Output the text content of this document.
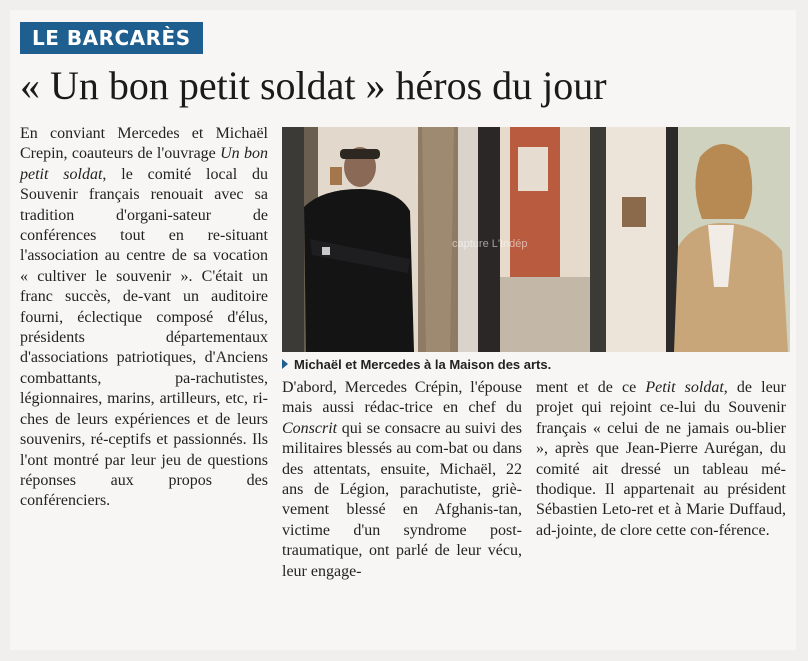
LE BARCARÈS
« Un bon petit soldat » héros du jour

En conviant Mercedes et Michaël Crepin, coauteurs de l'ouvrage Un bon petit soldat, le comité local du Souvenir français renouait avec sa tradition d'organi-sateur de conférences tout en re-situant l'association au centre de sa vocation « cultiver le souvenir ». C'était un franc succès, de-vant un auditoire fourni, éclectique composé d'élus, présidents départementaux d'associations patriotiques, d'Anciens combattants, pa-rachutistes, légionnaires, marins, artilleurs, etc, ri-ches de leurs expériences et de leurs souvenirs, ré-ceptifs et passionnés. Ils l'ont montré par leur jeu de questions réponses aux propos des conférenciers.

capture L'Indép
Michaël et Mercedes à la Maison des arts.

D'abord, Mercedes Crépin, l'épouse mais aussi rédac-trice en chef du Conscrit qui se consacre au suivi des militaires blessés au com-bat ou dans des attentats, ensuite, Michaël, 22 ans de Légion, parachutiste, griè-vement blessé en Afghanis-tan, victime d'un syndrome post-traumatique, ont parlé de leur vécu, leur engage-

ment et de ce Petit soldat, de leur projet qui rejoint ce-lui du Souvenir français « celui de ne jamais ou-blier », après que Jean-Pierre Aurégan, du comité ait dressé un tableau mé-thodique. Il appartenait au président Sébastien Leto-ret et à Marie Duffaud, ad-jointe, de clore cette con-férence.
